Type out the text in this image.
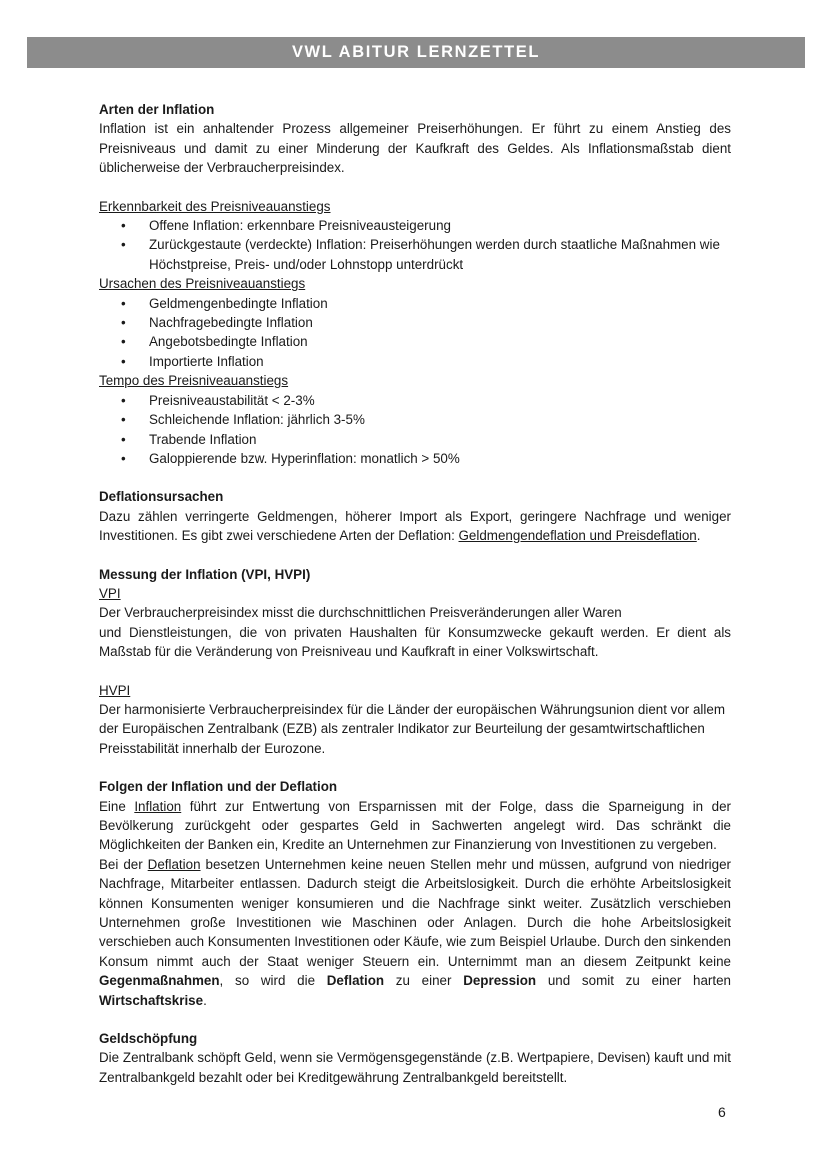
VWL ABITUR LERNZETTEL

Arten der Inflation

Inflation ist ein anhaltender Prozess allgemeiner Preiserhöhungen. Er führt zu einem Anstieg des Preisniveaus und damit zu einer Minderung der Kaufkraft des Geldes. Als Inflationsmaßstab dient üblicherweise der Verbraucherpreisindex.

Erkennbarkeit des Preisniveauanstiegs

• Offene Inflation: erkennbare Preisniveausteigerung
• Zurückgestaute (verdeckte) Inflation: Preiserhöhungen werden durch staatliche Maßnahmen wie Höchstpreise, Preis- und/oder Lohnstopp unterdrückt

Ursachen des Preisniveauanstiegs

• Geldmengenbedingte Inflation
• Nachfragebedingte Inflation
• Angebotsbedingte Inflation
• Importierte Inflation

Tempo des Preisniveauanstiegs

• Preisniveaustabilität < 2-3%
• Schleichende Inflation: jährlich 3-5%
• Trabende Inflation
• Galoppierende bzw. Hyperinflation: monatlich > 50%

Deflationsursachen

Dazu zählen verringerte Geldmengen, höherer Import als Export, geringere Nachfrage und weniger Investitionen. Es gibt zwei verschiedene Arten der Deflation: Geldmengendeflation und Preisdeflation.

Messung der Inflation (VPI, HVPI)

VPI

Der Verbraucherpreisindex misst die durchschnittlichen Preisveränderungen aller Waren

und Dienstleistungen, die von privaten Haushalten für Konsumzwecke gekauft werden. Er dient als Maßstab für die Veränderung von Preisniveau und Kaufkraft in einer Volkswirtschaft.

HVPI

Der harmonisierte Verbraucherpreisindex für die Länder der europäischen Währungsunion dient vor allem der Europäischen Zentralbank (EZB) als zentraler Indikator zur Beurteilung der gesamtwirtschaftlichen Preisstabilität innerhalb der Eurozone.

Folgen der Inflation und der Deflation

Eine Inflation führt zur Entwertung von Ersparnissen mit der Folge, dass die Sparneigung in der Bevölkerung zurückgeht oder gespartes Geld in Sachwerten angelegt wird. Das schränkt die Möglichkeiten der Banken ein, Kredite an Unternehmen zur Finanzierung von Investitionen zu vergeben.

Bei der Deflation besetzen Unternehmen keine neuen Stellen mehr und müssen, aufgrund von niedriger Nachfrage, Mitarbeiter entlassen. Dadurch steigt die Arbeitslosigkeit. Durch die erhöhte Arbeitslosigkeit können Konsumenten weniger konsumieren und die Nachfrage sinkt weiter. Zusätzlich verschieben Unternehmen große Investitionen wie Maschinen oder Anlagen. Durch die hohe Arbeitslosigkeit verschieben auch Konsumenten Investitionen oder Käufe, wie zum Beispiel Urlaube. Durch den sinkenden Konsum nimmt auch der Staat weniger Steuern ein. Unternimmt man an diesem Zeitpunkt keine Gegenmaßnahmen, so wird die Deflation zu einer Depression und somit zu einer harten Wirtschaftskrise.

Geldschöpfung

Die Zentralbank schöpft Geld, wenn sie Vermögensgegenstände (z.B. Wertpapiere, Devisen) kauft und mit Zentralbankgeld bezahlt oder bei Kreditgewährung Zentralbankgeld bereitstellt.

6
